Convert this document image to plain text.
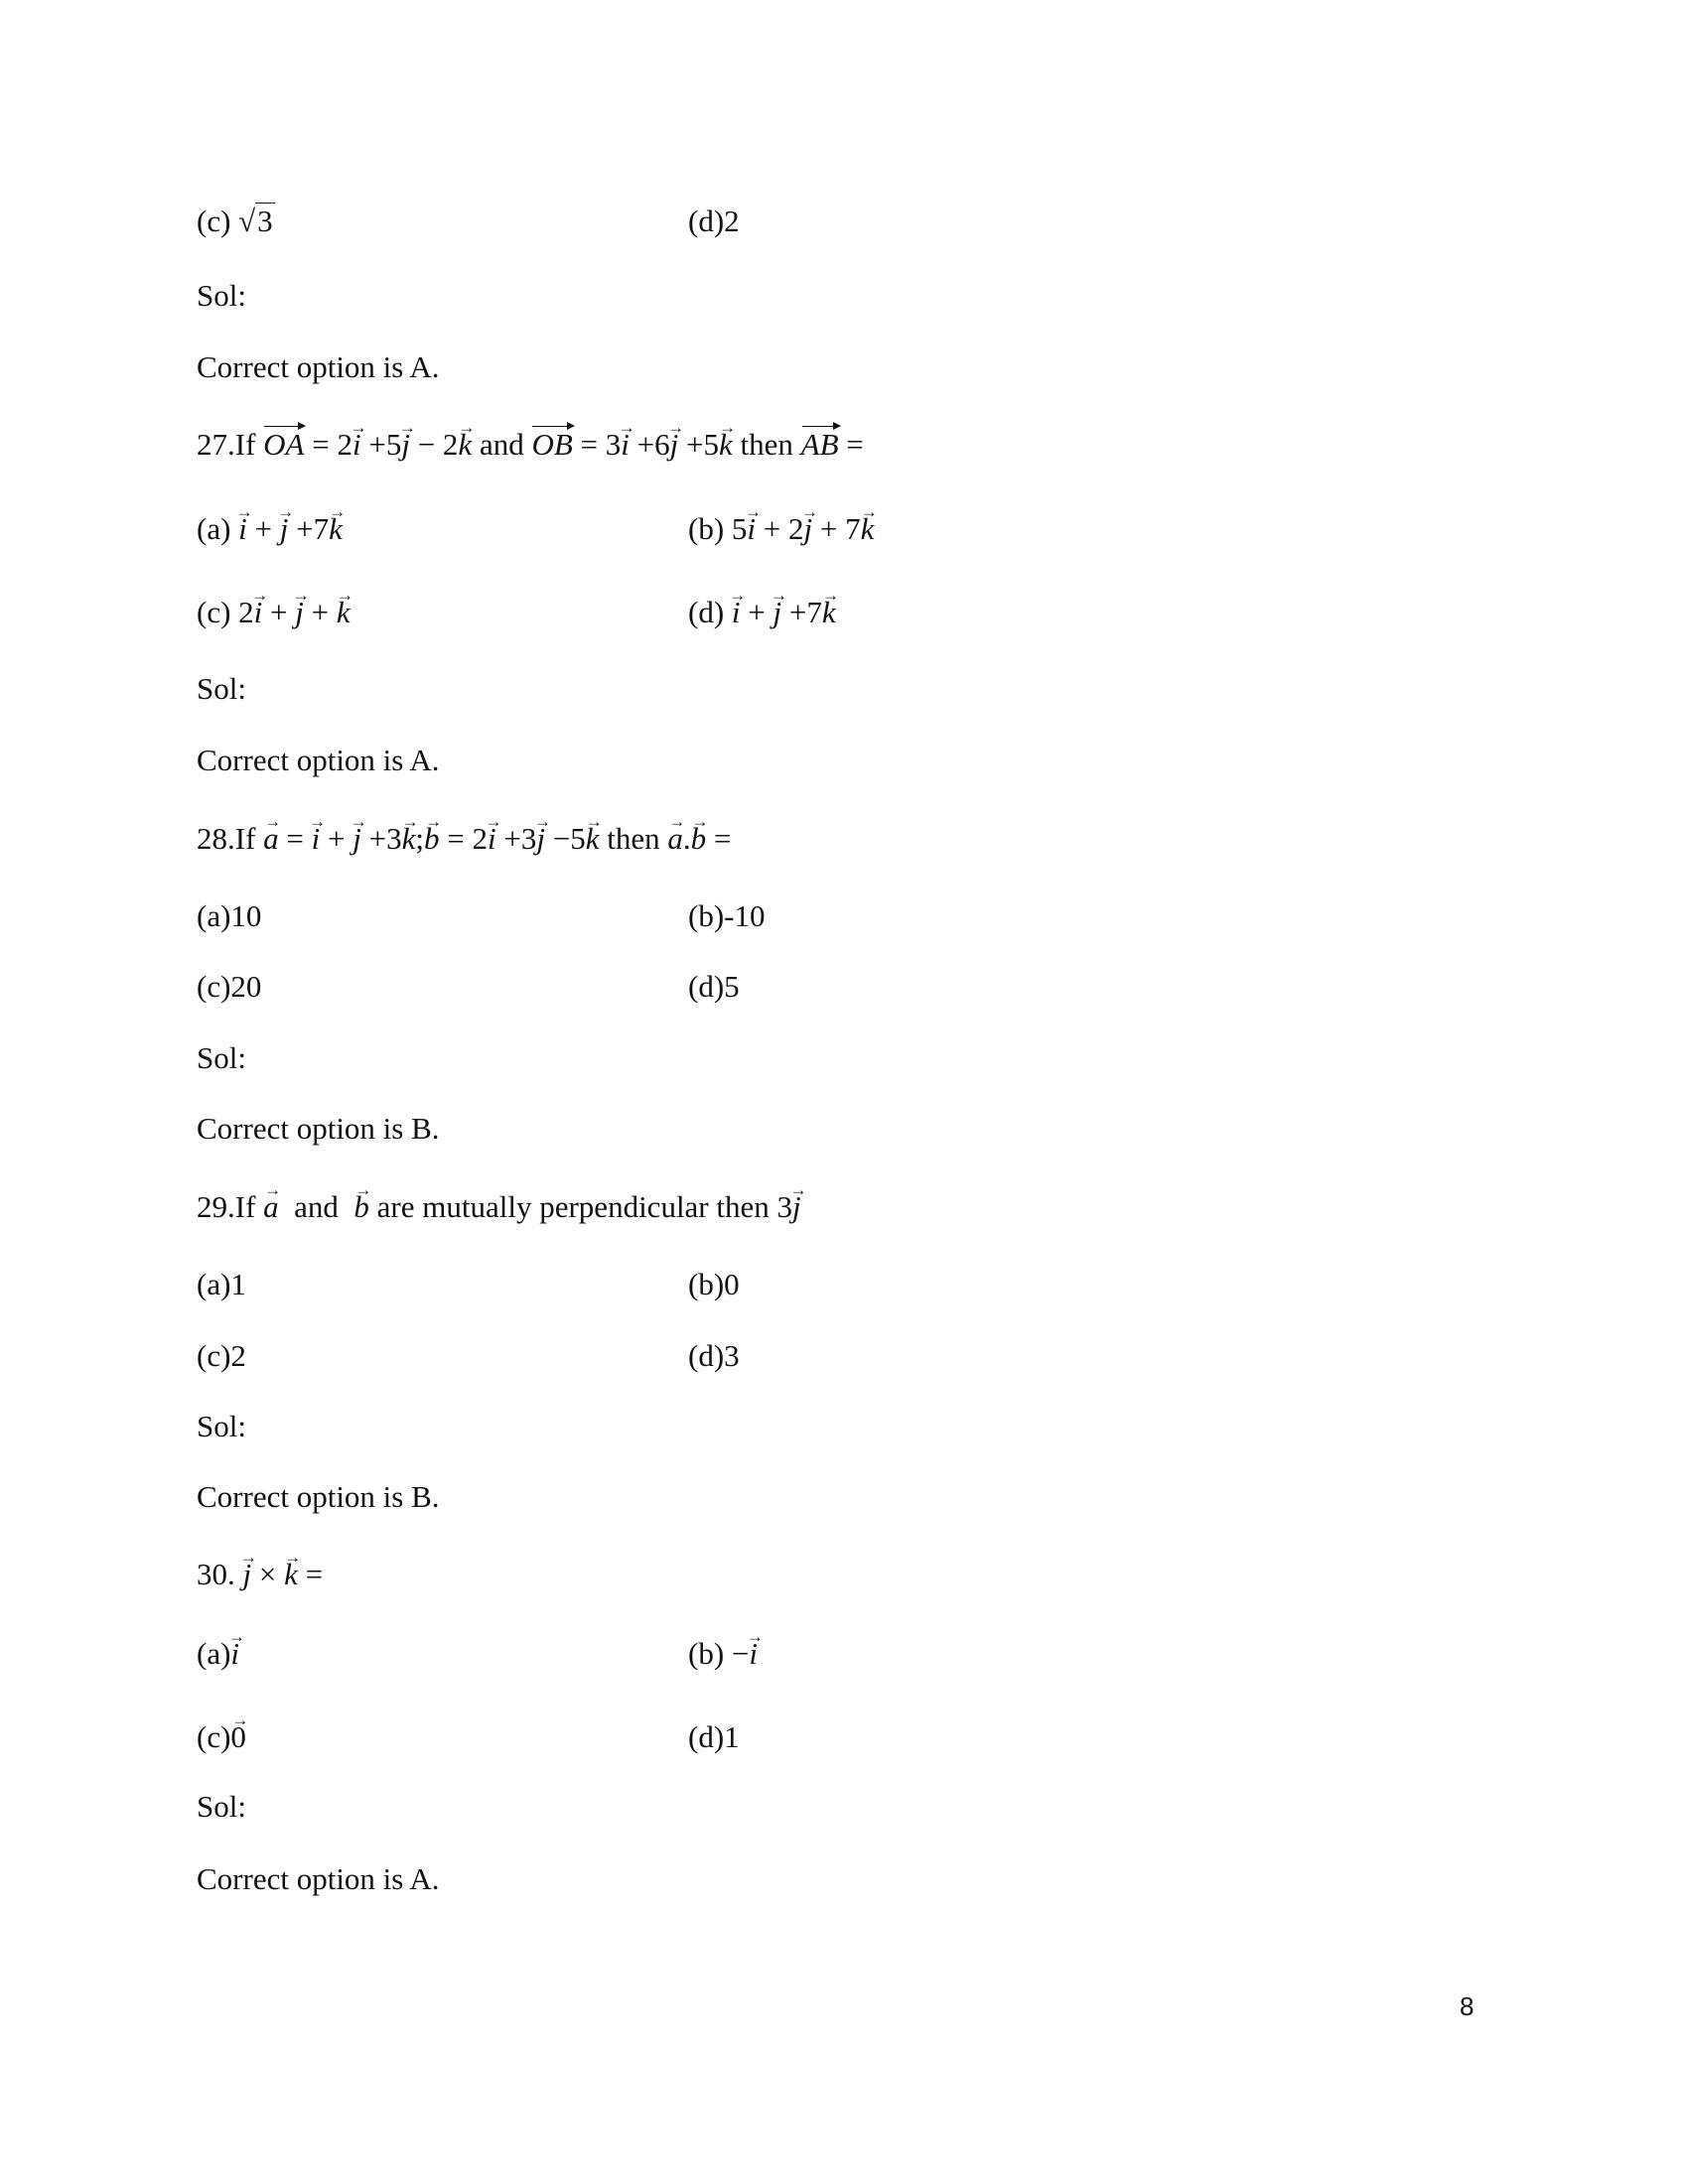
(c) √3	(d)2
Sol:
Correct option is A.
27.If OA = 2→ i +5→ j − 2→ k and OB = 3→ i +6→ j +5→ k then AB =
(a) → i + → j +7→ k	(b) 5→ i + 2→ j + 7→ k
(c) 2→ i + → j + → k	(d) → i + → j +7→ k
Sol:
Correct option is A.
28.If → a = → i + → j +3→ k;→ b = 2→ i +3→ j −5→ k then → a.→ b =
(a)10	(b)-10
(c)20	(d)5
Sol:
Correct option is B.
29.If → a  and  → b are mutually perpendicular then 3→ j
(a)1	(b)0
(c)2	(d)3
Sol:
Correct option is B.
30. → j × → k =
(a)→ i	(b) −→ i
(c)→ 0	(d)1
Sol:
Correct option is A.
8
